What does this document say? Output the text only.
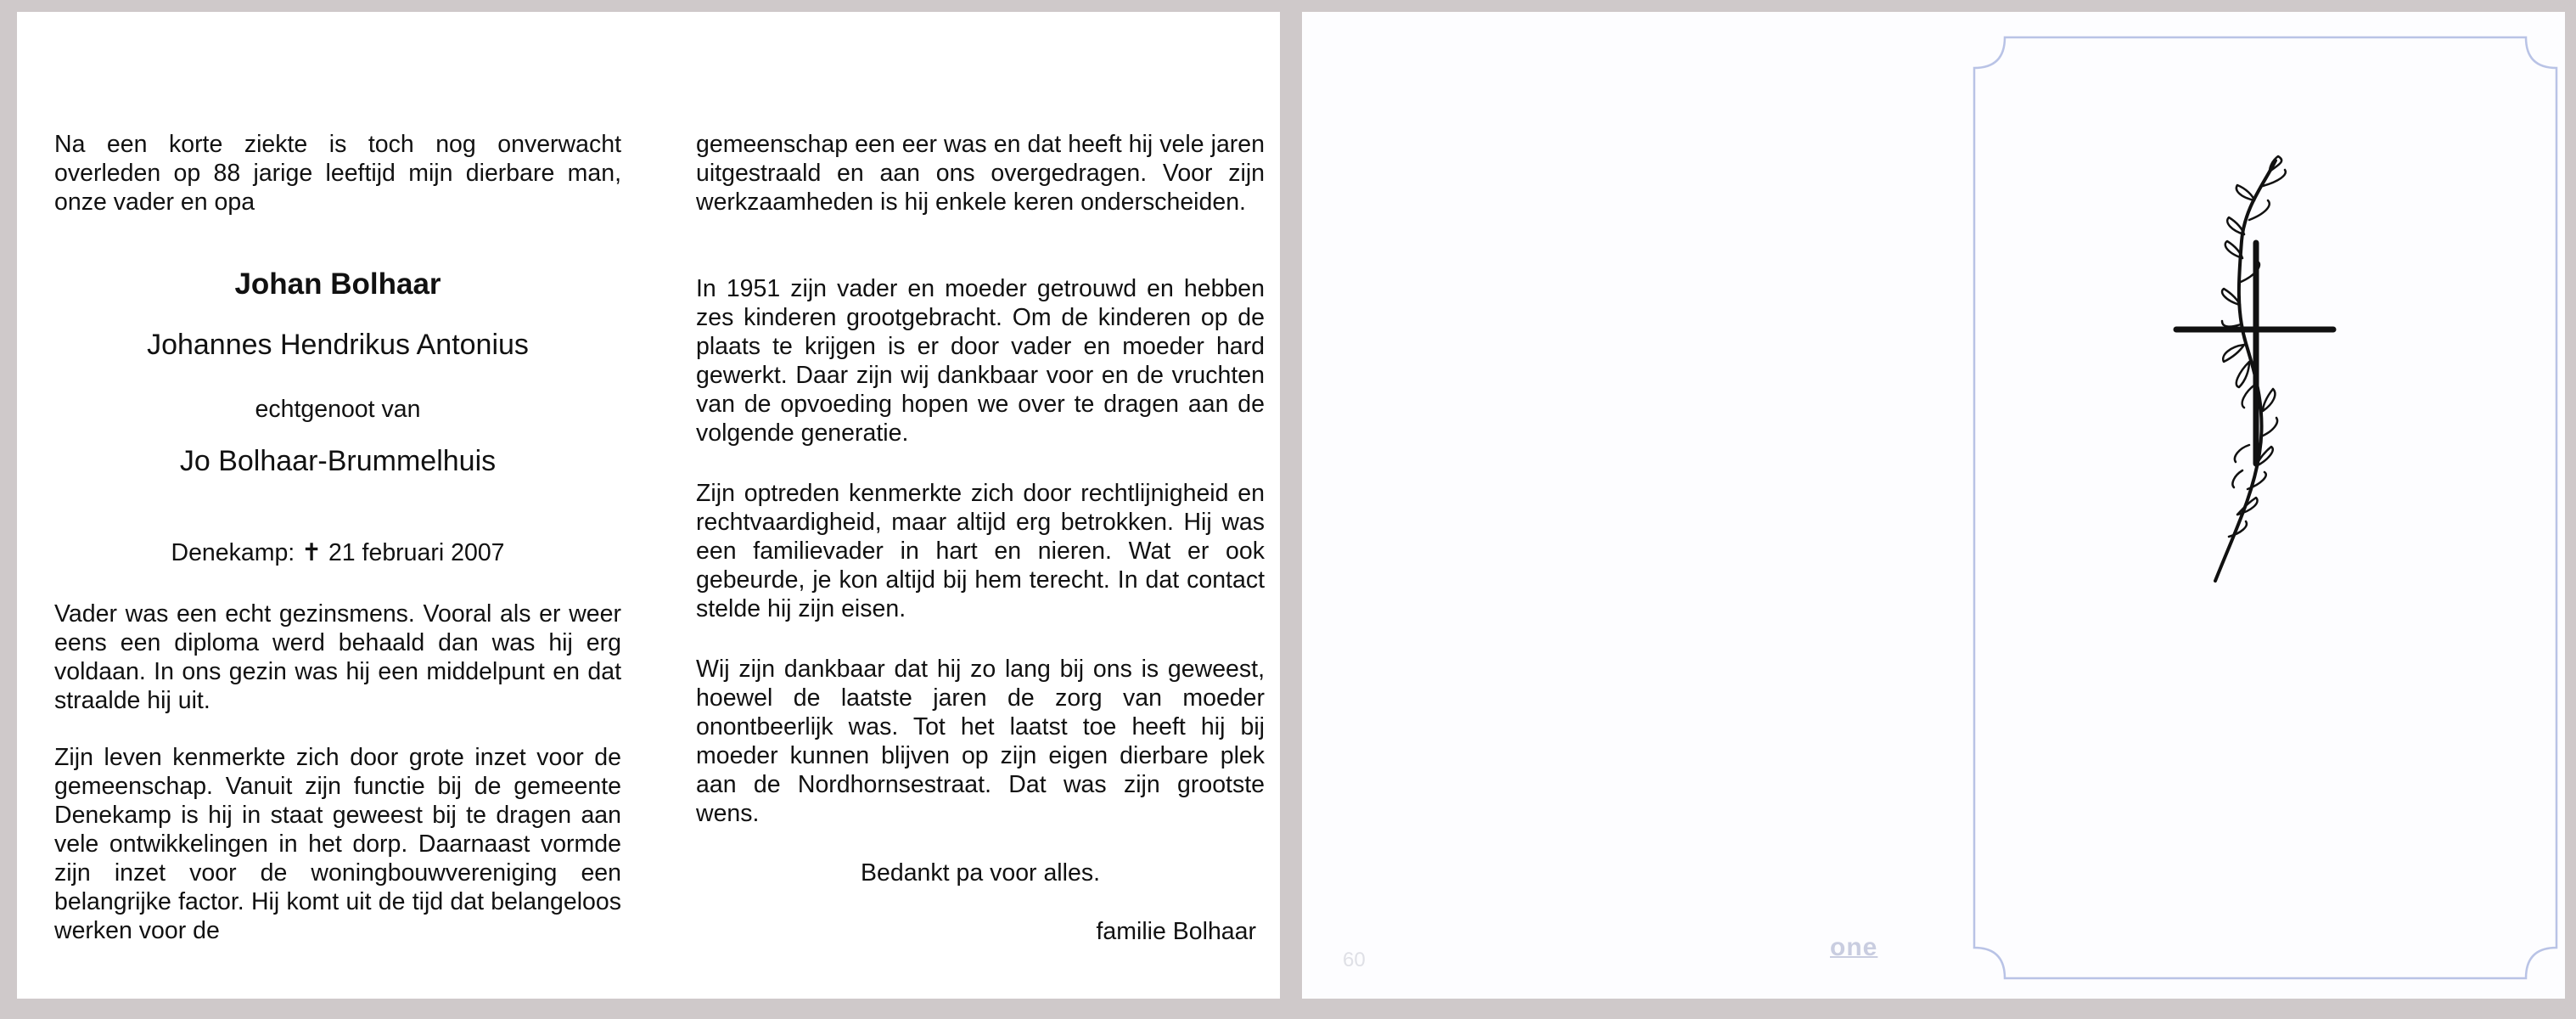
Na een korte ziekte is toch nog onverwacht overleden op 88 jarige leeftijd mijn dierbare man, onze vader en opa

Johan Bolhaar
Johannes Hendrikus Antonius
echtgenoot van
Jo Bolhaar-Brummelhuis
Denekamp: ✝ 21 februari 2007

Vader was een echt gezinsmens. Vooral als er weer eens een diploma werd behaald dan was hij erg voldaan. In ons gezin was hij een middelpunt en dat straalde hij uit.

Zijn leven kenmerkte zich door grote inzet voor de gemeenschap. Vanuit zijn functie bij de gemeente Denekamp is hij in staat geweest bij te dragen aan vele ontwikkelingen in het dorp. Daarnaast vormde zijn inzet voor de woningbouwvereniging een belangrijke factor. Hij komt uit de tijd dat belangeloos werken voor de

gemeenschap een eer was en dat heeft hij vele jaren uitgestraald en aan ons overgedragen. Voor zijn werkzaamheden is hij enkele keren onderscheiden.

In 1951 zijn vader en moeder getrouwd en hebben zes kinderen grootgebracht. Om de kinderen op de plaats te krijgen is er door vader en moeder hard gewerkt. Daar zijn wij dankbaar voor en de vruchten van de opvoeding hopen we over te dragen aan de volgende generatie.

Zijn optreden kenmerkte zich door rechtlijnigheid en rechtvaardigheid, maar altijd erg betrokken. Hij was een familievader in hart en nieren. Wat er ook gebeurde, je kon altijd bij hem terecht. In dat contact stelde hij zijn eisen.

Wij zijn dankbaar dat hij zo lang bij ons is geweest, hoewel de laatste jaren de zorg van moeder onontbeerlijk was. Tot het laatst toe heeft hij bij moeder kunnen blijven op zijn eigen dierbare plek aan de Nordhornsestraat. Dat was zijn grootste wens.

Bedankt pa voor alles.
familie Bolhaar
60	one
